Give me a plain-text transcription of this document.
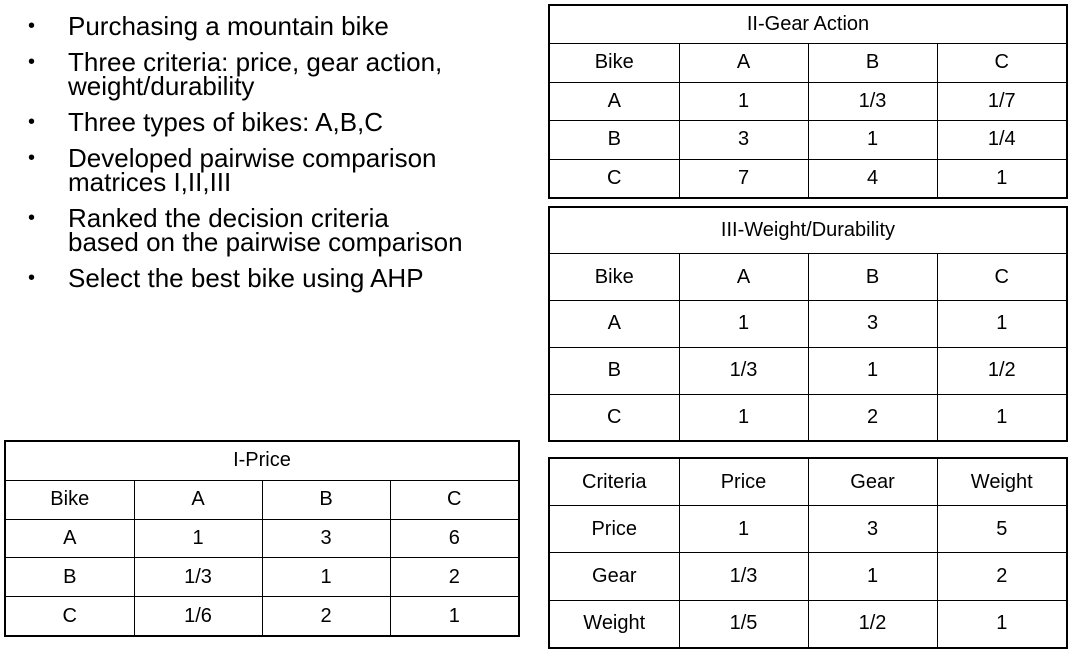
• Purchasing a mountain bike
• Three criteria: price, gear action, weight/durability
• Three types of bikes: A,B,C
• Developed pairwise comparison matrices I,II,III
• Ranked the decision criteria based on the pairwise comparison
• Select the best bike using AHP
I-Price			
Bike	A	B	C
A	1	3	6
B	1/3	1	2
C	1/6	2	1
II-Gear Action			
Bike	A	B	C
A	1	1/3	1/7
B	3	1	1/4
C	7	4	1
III-Weight/Durability			
Bike	A	B	C
A	1	3	1
B	1/3	1	1/2
C	1	2	1
Criteria	Price	Gear	Weight
Price	1	3	5
Gear	1/3	1	2
Weight	1/5	1/2	1
